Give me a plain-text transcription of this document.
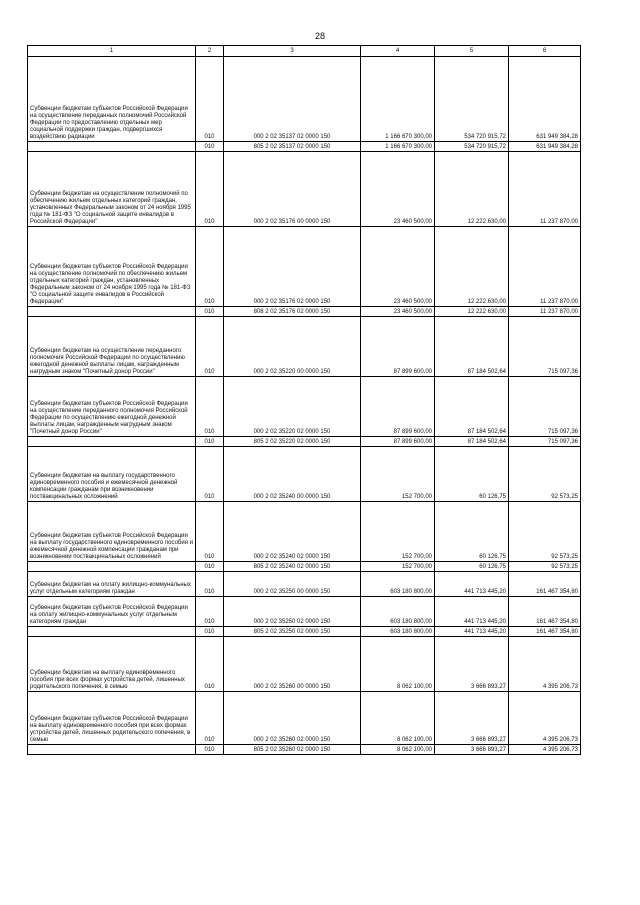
28
1	2	3	4	5	6
Субвенции бюджетам субъектов Российской Федерации на осуществление переданных полномочий Российской Федерации по предоставлению отдельных мер социальной поддержки граждан, подвергшихся воздействию радиации	010	000 2 02 35137 02 0000 150	1 166 670 300,00	534 720 915,72	631 949 384,28
	010	805 2 02 35137 02 0000 150	1 166 670 300,00	534 720 915,72	631 949 384,28
Субвенции бюджетам на осуществление полномочий по обеспечению жильем отдельных категорий граждан, установленных Федеральным законом от 24 ноября 1995 года № 181-ФЗ "О социальной защите инвалидов в Российской Федерации"	010	000 2 02 35176 00 0000 150	23 460 500,00	12 222 630,00	11 237 870,00
Субвенции бюджетам субъектов Российской Федерации на осуществление полномочий по обеспечению жильем отдельных категорий граждан, установленных Федеральным законом от 24 ноября 1995 года № 181-ФЗ "О социальной защите инвалидов в Российской Федерации"	010	000 2 02 35176 02 0000 150	23 460 500,00	12 222 630,00	11 237 870,00
	010	808 2 02 35176 02 0000 150	23 460 500,00	12 222 630,00	11 237 870,00
Субвенции бюджетам на осуществление переданного полномочия Российской Федерации по осуществлению ежегодной денежной выплаты лицам, награжденным нагрудным знаком "Почетный донор России"	010	000 2 02 35220 00 0000 150	87 899 600,00	87 184 502,64	715 097,36
Субвенции бюджетам субъектов Российской Федерации на осуществление переданного полномочия Российской Федерации по осуществлению ежегодной денежной выплаты лицам, награжденным нагрудным знаком "Почетный донор России"	010	000 2 02 35220 02 0000 150	87 899 600,00	87 184 502,64	715 097,36
	010	805 2 02 35220 02 0000 150	87 899 600,00	87 184 502,64	715 097,36
Субвенции бюджетам на выплату государственного единовременного пособия и ежемесячной денежной компенсации гражданам при возникновении поствакцинальных осложнений	010	000 2 02 35240 00 0000 150	152 700,00	60 126,75	92 573,25
Субвенции бюджетам субъектов Российской Федерации на выплату государственного единовременного пособия и ежемесячной денежной компенсации гражданам при возникновении поствакцинальных осложнений	010	000 2 02 35240 02 0000 150	152 700,00	60 126,75	92 573,25
	010	805 2 02 35240 02 0000 150	152 700,00	60 126,75	92 573,25
Субвенции бюджетам на оплату жилищно-коммунальных услуг отдельным категориям граждан	010	000 2 02 35250 00 0000 150	603 180 800,00	441 713 445,20	161 467 354,80
Субвенции бюджетам субъектов Российской Федерации на оплату жилищно-коммунальных услуг отдельным категориям граждан	010	000 2 02 35250 02 0000 150	603 180 800,00	441 713 445,20	161 467 354,80
	010	805 2 02 35250 02 0000 150	603 180 800,00	441 713 445,20	161 467 354,80
Субвенции бюджетам на выплату единовременного пособия при всех формах устройства детей, лишенных родительского попечения, в семью	010	000 2 02 35260 00 0000 150	8 062 100,00	3 666 893,27	4 395 206,73
Субвенции бюджетам субъектов Российской Федерации на выплату единовременного пособия при всех формах устройства детей, лишенных родительского попечения, в семью	010	000 2 02 35260 02 0000 150	8 062 100,00	3 666 893,27	4 395 206,73
	010	805 2 02 35260 02 0000 150	8 062 100,00	3 666 893,27	4 395 206,73
